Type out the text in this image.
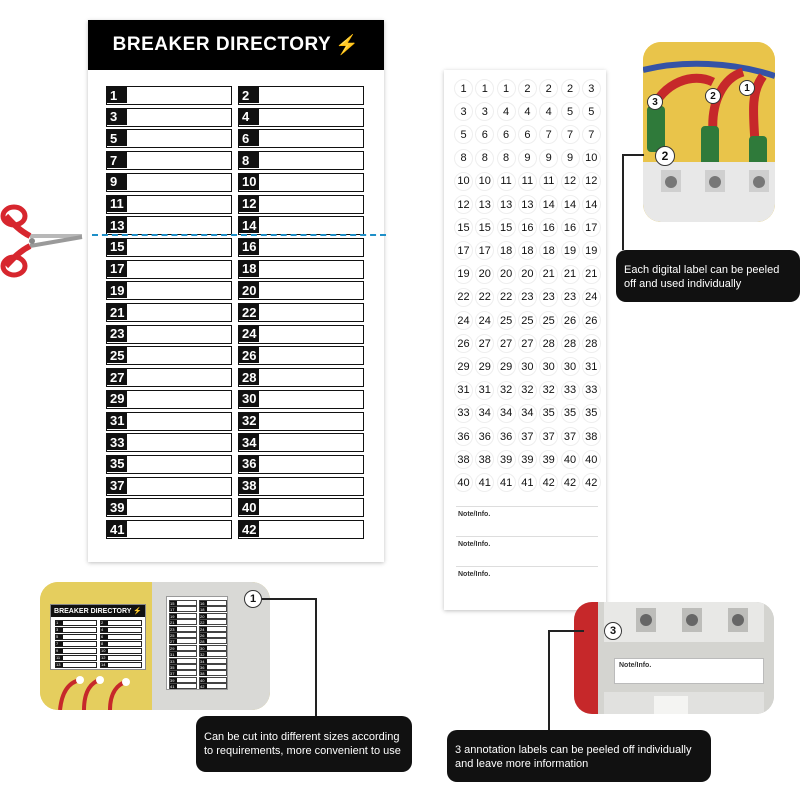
BREAKER DIRECTORY ⚡
1	2
3	4
5	6
7	8
9	10
11	12
13	14
15	16
17	18
19	20
21	22
23	24
25	26
27	28
29	30
31	32
33	34
35	36
37	38
39	40
41	42
Note/Info.
Note/Info.
Note/Info.
1	1	1	2	2	2	3
3	3	4	4	4	5	5
5	6	6	6	7	7	7
8	8	8	9	9	9	10
10 10 11 11 11 12 12
12 13 13 13 14 14 14
15 15 15 16 16 16 17
17 17 18 18 18 19 19
19 20 20 20 21 21 21
22 22 22 23 23 23 24
24 24 25 25 25 26 26
26 27 27 27 28 28 28
29 29 29 30 30 30 31
31 31 32 32 32 33 33
33 34 34 34 35 35 35
36 36 36 37 37 37 38
38 38 39 39 39 40 40
40 41 41 41 42 42 42
3
2
1
2
Each digital label can be peeled off and used individually
BREAKER DIRECTORY ⚡
1	2
3	4
5	6
7	8
9	10
11	12
13	14
15	16
17	18
19	20
21	22
23	24
25	26
27	28
29	30
31	32
33	34
35	36
37	38
39	40
41	42
1
Can be cut into different sizes according to requirements, more convenient to use
Note/Info.
3
3 annotation labels can be peeled off individually and leave more information
